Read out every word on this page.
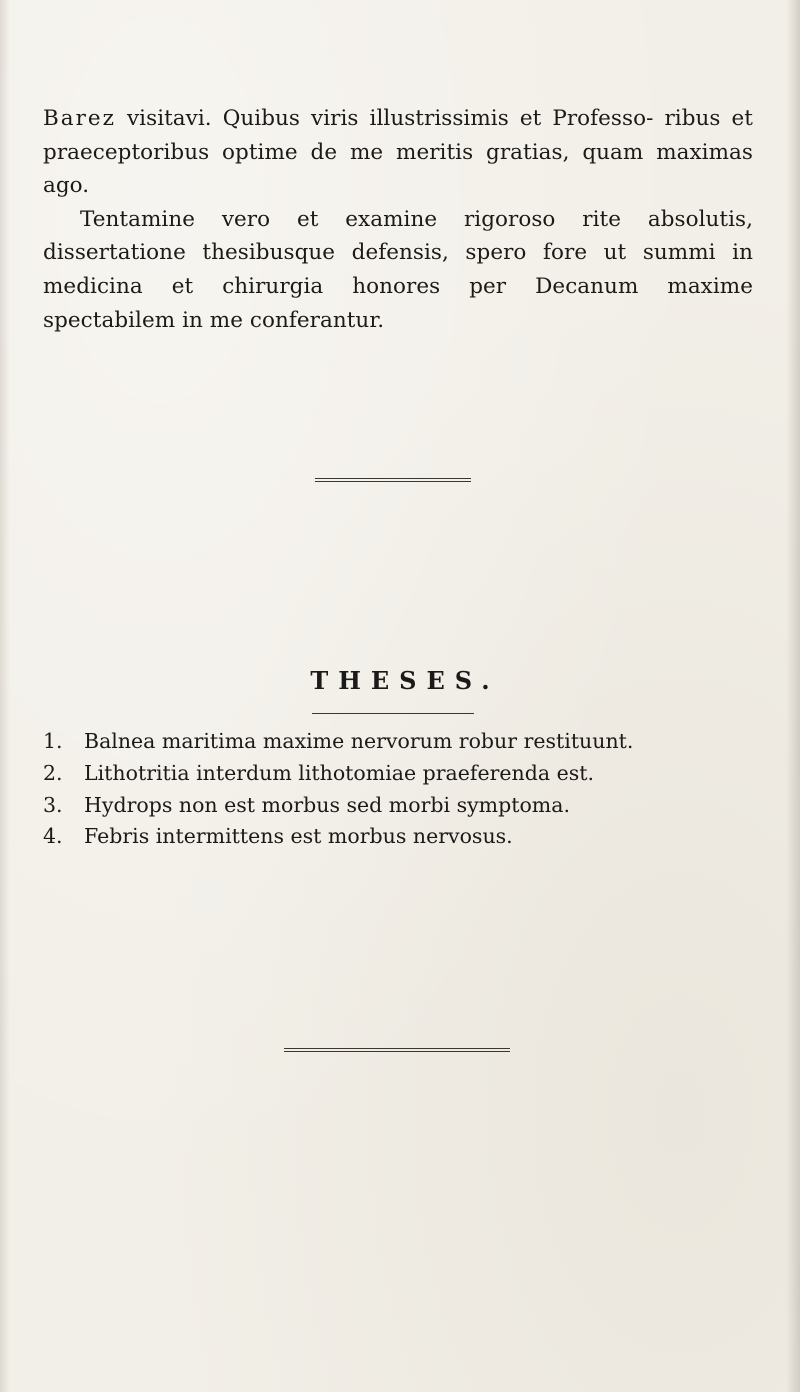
Barez visitavi. Quibus viris illustrissimis et Professo- ribus et praeceptoribus optime de me meritis gratias, quam maximas ago.

Tentamine vero et examine rigoroso rite absolutis, dissertatione thesibusque defensis, spero fore ut summi in medicina et chirurgia honores per Decanum maxime spectabilem in me conferantur.

THESES.
1.	Balnea maritima maxime nervorum robur restituunt.
2.	Lithotritia interdum lithotomiae praeferenda est.
3.	Hydrops non est morbus sed morbi symptoma.
4.	Febris intermittens est morbus nervosus.
